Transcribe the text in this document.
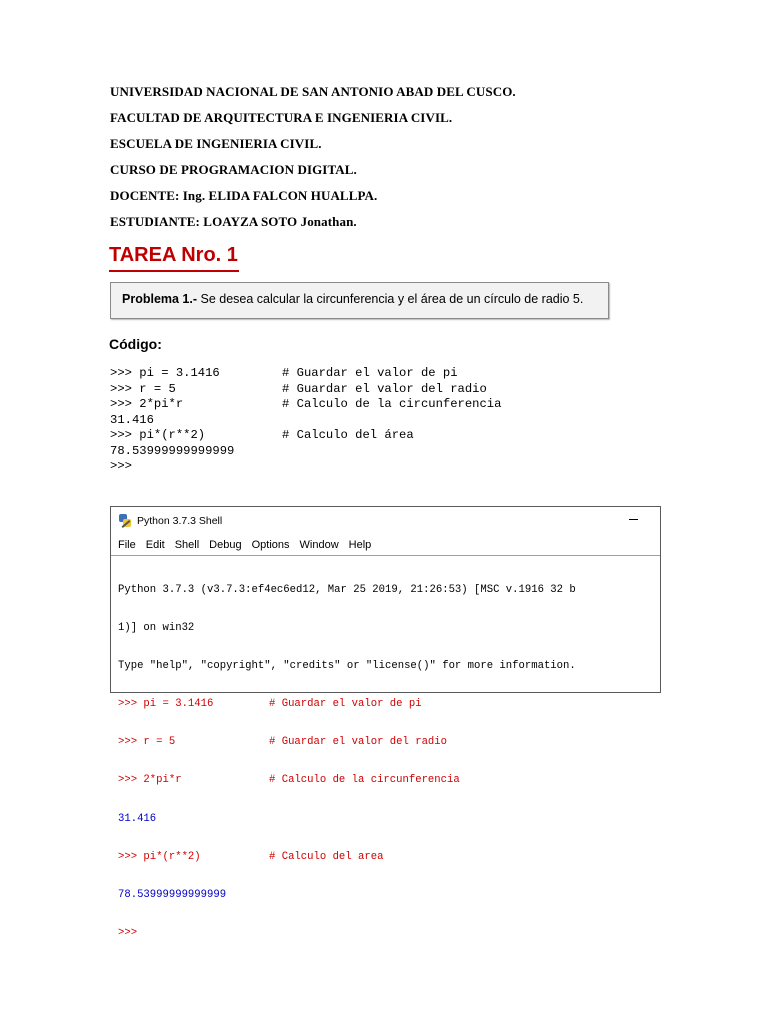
UNIVERSIDAD NACIONAL DE SAN ANTONIO ABAD DEL CUSCO.
FACULTAD DE ARQUITECTURA E INGENIERIA CIVIL.
ESCUELA DE INGENIERIA CIVIL.
CURSO DE PROGRAMACION DIGITAL.
DOCENTE: Ing. ELIDA FALCON HUALLPA.
ESTUDIANTE: LOAYZA SOTO Jonathan.
TAREA Nro. 1
Problema 1.- Se desea calcular la circunferencia y el área de un círculo de radio 5.
Código:
>>> pi = 3.1416	# Guardar el valor de pi
>>> r = 5	# Guardar el valor del radio
>>> 2*pi*r	# Calculo de la circunferencia
31.416
>>> pi*(r**2)	# Calculo del área
78.53999999999999
>>>
Python 3.7.3 Shell
File Edit Shell Debug Options Window Help

Python 3.7.3 (v3.7.3:ef4ec6ed12, Mar 25 2019, 21:26:53) [MSC v.1916 32 b

1)] on win32

Type "help", "copyright", "credits" or "license()" for more information.

>>> pi = 3.1416	# Guardar el valor de pi

>>> r = 5	# Guardar el valor del radio

>>> 2*pi*r	# Calculo de la circunferencia

31.416

>>> pi*(r**2)	# Calculo del area

78.53999999999999

>>>
